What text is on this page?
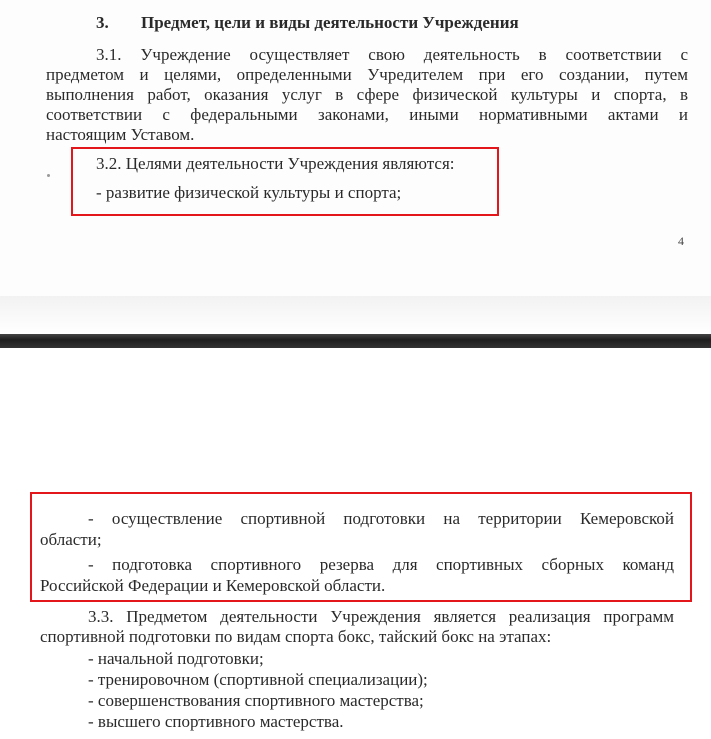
3. Предмет, цели и виды деятельности Учреждения
3.1. Учреждение осуществляет свою деятельность в соответствии с
предметом и целями, определенными Учредителем при его создании, путем
выполнения работ, оказания услуг в сфере физической культуры и спорта, в
соответствии с федеральными законами, иными нормативными актами и
настоящим Уставом.
3.2. Целями деятельности Учреждения являются:
- развитие физической культуры и спорта;
4
- осуществление спортивной подготовки на территории Кемеровской
области;
- подготовка спортивного резерва для спортивных сборных команд
Российской Федерации и Кемеровской области.
3.3. Предметом деятельности Учреждения является реализация программ
спортивной подготовки по видам спорта бокс, тайский бокс на этапах:
- начальной подготовки;
- тренировочном (спортивной специализации);
- совершенствования спортивного мастерства;
- высшего спортивного мастерства.
